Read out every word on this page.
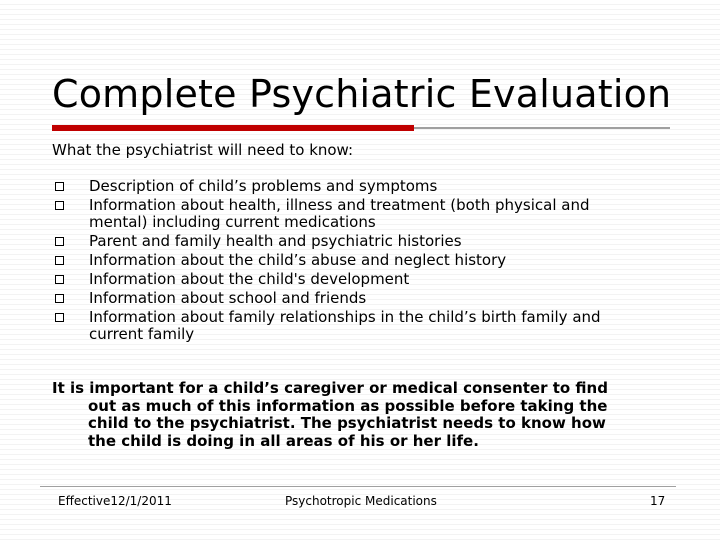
Complete Psychiatric Evaluation
What the psychiatrist will need to know:
Description of child’s problems and symptoms
Information about health, illness and treatment (both physical and
mental) including current medications
Parent and family health and psychiatric histories
Information about the child’s abuse and neglect history
Information about the child's development
Information about school and friends
Information about family relationships in the child’s birth family and
current family
It is important for a child’s caregiver or medical consenter to find
out as much of this information as possible before taking the
child to the psychiatrist. The psychiatrist needs to know how
the child is doing in all areas of his or her life.
Effective12/1/2011	Psychotropic Medications	17
